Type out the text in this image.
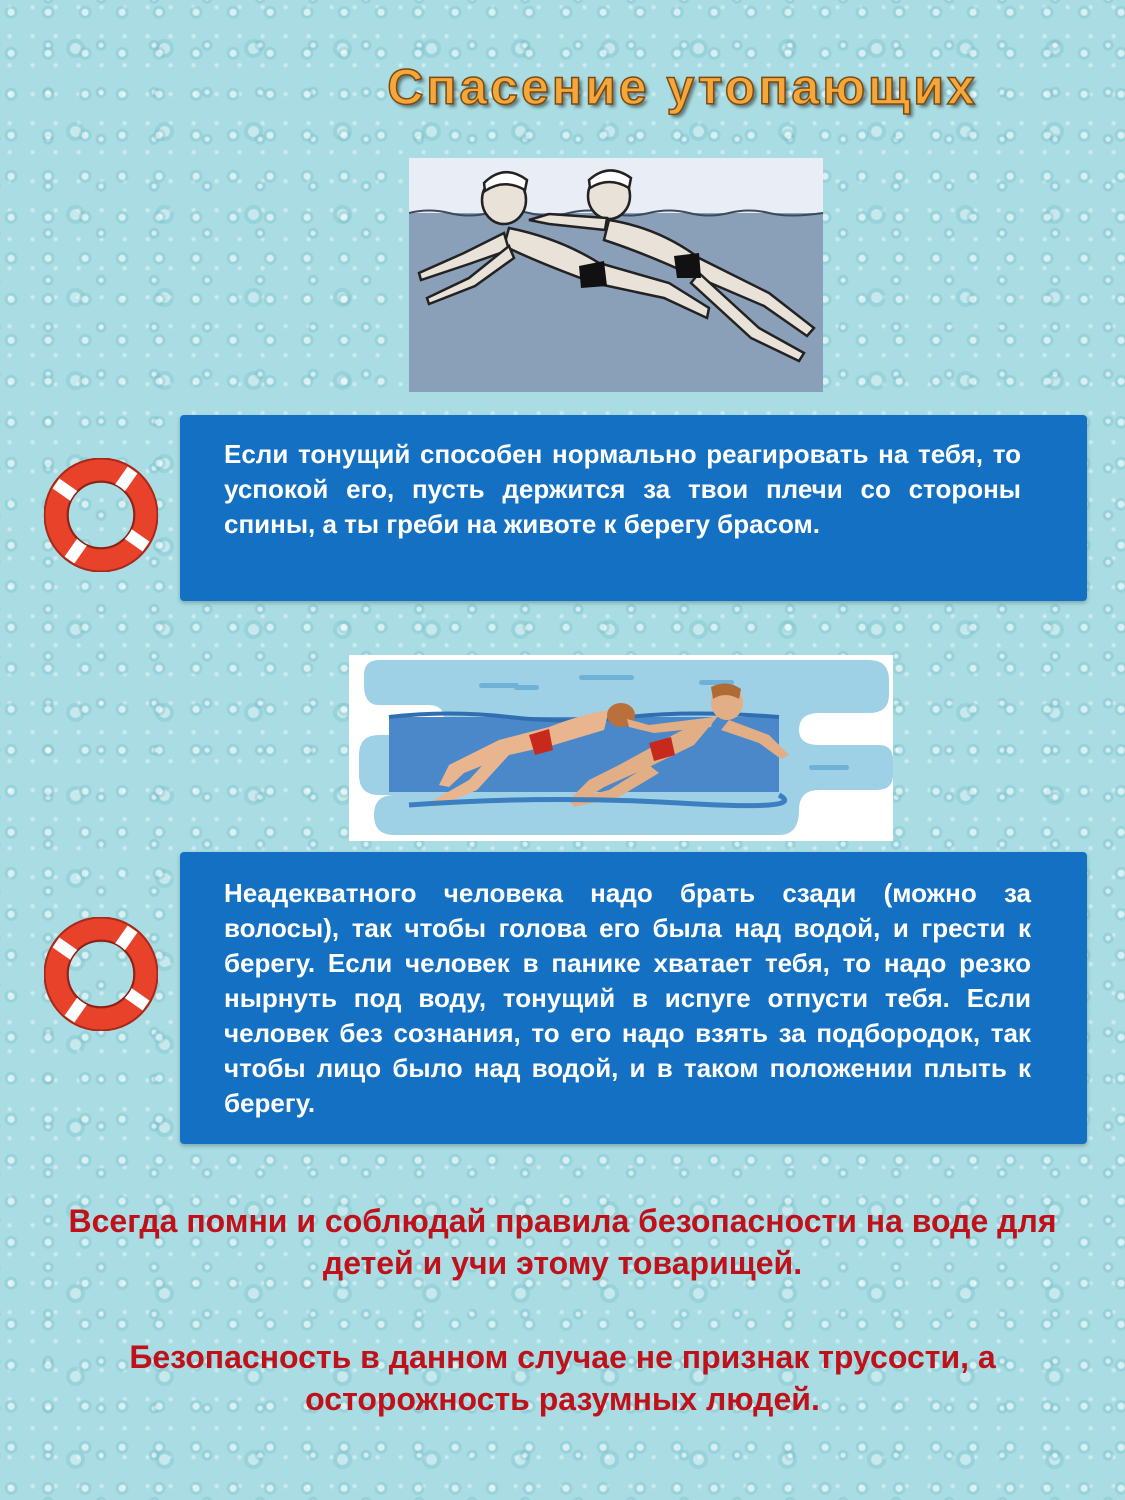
Спасение утопающих
Если тонущий способен нормально реагировать на тебя, то успокой его, пусть держится за твои плечи со стороны спины, а ты греби на животе к берегу брасом.
Неадекватного человека надо брать сзади (можно за волосы), так чтобы голова его была над водой, и грести к берегу. Если человек в панике хватает тебя, то надо резко нырнуть под воду, тонущий в испуге отпусти тебя. Если человек без сознания, то его надо взять за подбородок, так чтобы лицо было над водой, и в таком положении плыть к берегу.
Всегда помни и соблюдай правила безопасности на воде для детей и учи этому товарищей.
Безопасность в данном случае не признак трусости, а осторожность разумных людей.
